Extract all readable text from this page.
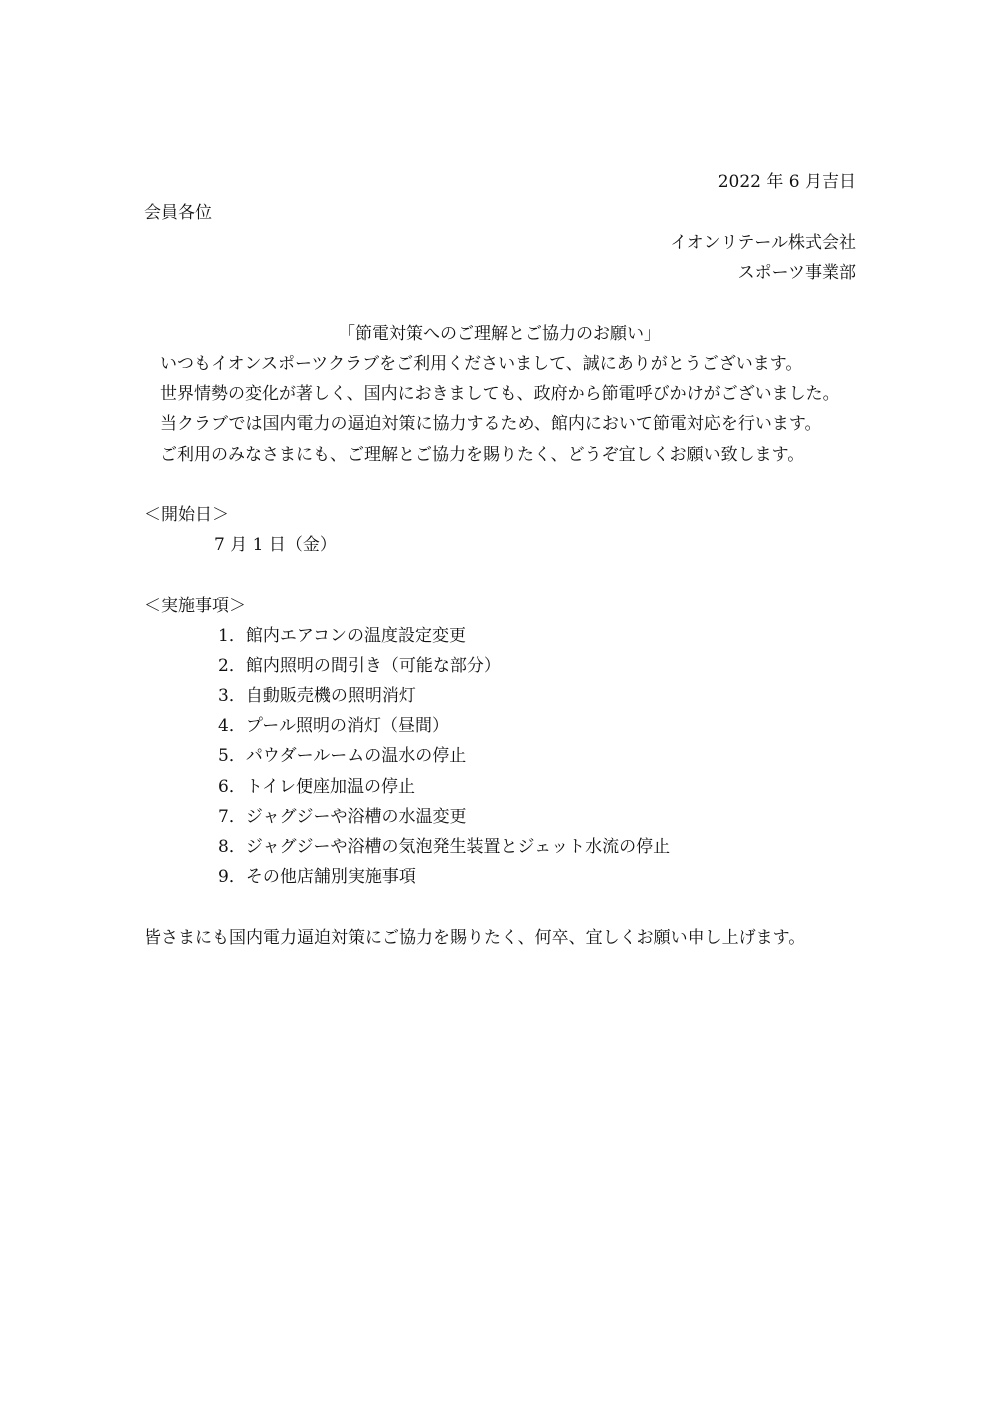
2022 年 6 月吉日
会員各位
イオンリテール株式会社
スポーツ事業部
「節電対策へのご理解とご協力のお願い」
いつもイオンスポーツクラブをご利用くださいまして、誠にありがとうございます。
世界情勢の変化が著しく、国内におきましても、政府から節電呼びかけがございました。
当クラブでは国内電力の逼迫対策に協力するため、館内において節電対応を行います。
ご利用のみなさまにも、ご理解とご協力を賜りたく、どうぞ宜しくお願い致します。
＜開始日＞
7 月 1 日（金）
＜実施事項＞
1．館内エアコンの温度設定変更
2．館内照明の間引き（可能な部分）
3．自動販売機の照明消灯
4．プール照明の消灯（昼間）
5．パウダールームの温水の停止
6．トイレ便座加温の停止
7．ジャグジーや浴槽の水温変更
8．ジャグジーや浴槽の気泡発生装置とジェット水流の停止
9．その他店舗別実施事項
皆さまにも国内電力逼迫対策にご協力を賜りたく、何卒、宜しくお願い申し上げます。
